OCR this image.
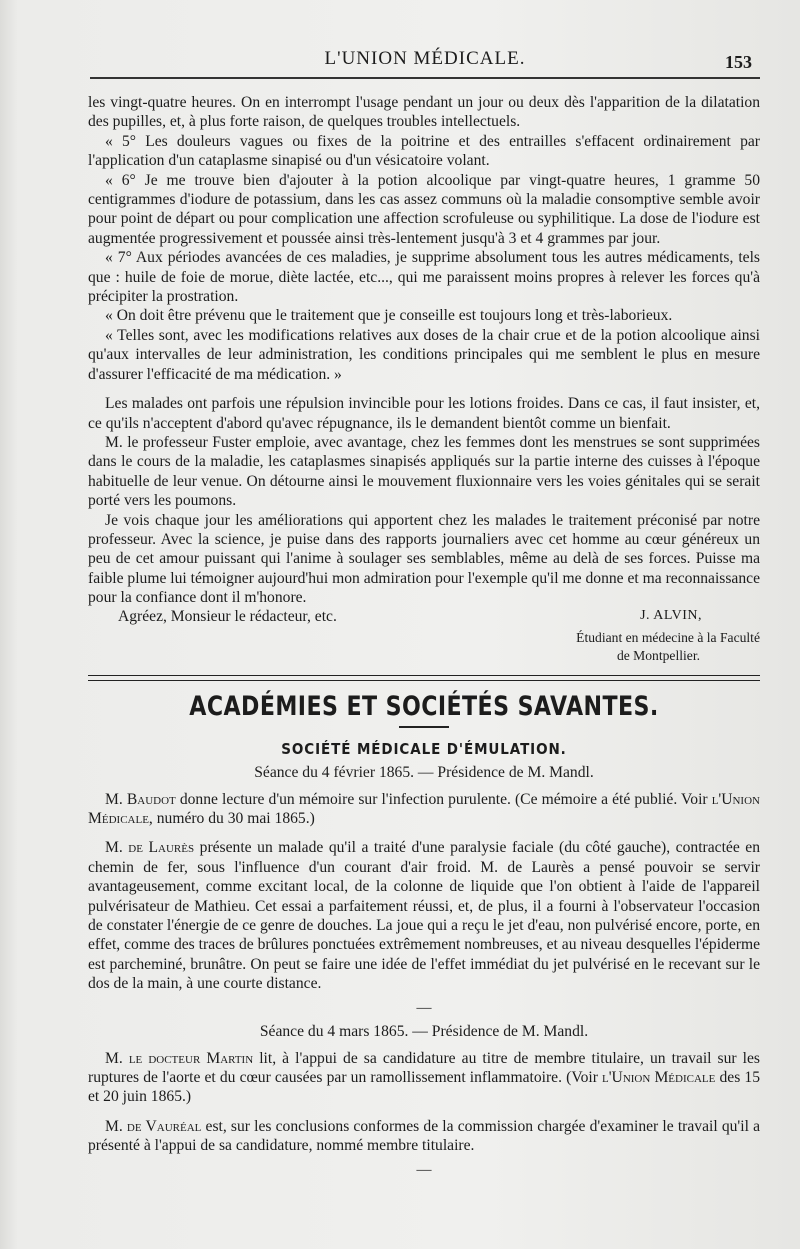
L'UNION MÉDICALE.	153

les vingt-quatre heures. On en interrompt l'usage pendant un jour ou deux dès l'apparition de la dilatation des pupilles, et, à plus forte raison, de quelques troubles intellectuels.

« 5° Les douleurs vagues ou fixes de la poitrine et des entrailles s'effacent ordinairement par l'application d'un cataplasme sinapisé ou d'un vésicatoire volant.

« 6° Je me trouve bien d'ajouter à la potion alcoolique par vingt-quatre heures, 1 gramme 50 centigrammes d'iodure de potassium, dans les cas assez communs où la maladie consomptive semble avoir pour point de départ ou pour complication une affection scrofuleuse ou syphilitique. La dose de l'iodure est augmentée progressivement et poussée ainsi très-lentement jusqu'à 3 et 4 grammes par jour.

« 7° Aux périodes avancées de ces maladies, je supprime absolument tous les autres médicaments, tels que : huile de foie de morue, diète lactée, etc..., qui me paraissent moins propres à relever les forces qu'à précipiter la prostration.

« On doit être prévenu que le traitement que je conseille est toujours long et très-laborieux.

« Telles sont, avec les modifications relatives aux doses de la chair crue et de la potion alcoolique ainsi qu'aux intervalles de leur administration, les conditions principales qui me semblent le plus en mesure d'assurer l'efficacité de ma médication. »

Les malades ont parfois une répulsion invincible pour les lotions froides. Dans ce cas, il faut insister, et, ce qu'ils n'acceptent d'abord qu'avec répugnance, ils le demandent bientôt comme un bienfait.

M. le professeur Fuster emploie, avec avantage, chez les femmes dont les menstrues se sont supprimées dans le cours de la maladie, les cataplasmes sinapisés appliqués sur la partie interne des cuisses à l'époque habituelle de leur venue. On détourne ainsi le mouvement fluxionnaire vers les voies génitales qui se serait porté vers les poumons.

Je vois chaque jour les améliorations qui apportent chez les malades le traitement préconisé par notre professeur. Avec la science, je puise dans des rapports journaliers avec cet homme au cœur généreux un peu de cet amour puissant qui l'anime à soulager ses semblables, même au delà de ses forces. Puisse ma faible plume lui témoigner aujourd'hui mon admiration pour l'exemple qu'il me donne et ma reconnaissance pour la confiance dont il m'honore.

Agréez, Monsieur le rédacteur, etc.	J. ALVIN,
Étudiant en médecine à la Faculté
de Montpellier.
ACADÉMIES ET SOCIÉTÉS SAVANTES.
SOCIÉTÉ MÉDICALE D'ÉMULATION.
Séance du 4 février 1865. — Présidence de M. Mandl.

M. Baudot donne lecture d'un mémoire sur l'infection purulente. (Ce mémoire a été publié. Voir l'Union Médicale, numéro du 30 mai 1865.)

M. de Laurès présente un malade qu'il a traité d'une paralysie faciale (du côté gauche), contractée en chemin de fer, sous l'influence d'un courant d'air froid. M. de Laurès a pensé pouvoir se servir avantageusement, comme excitant local, de la colonne de liquide que l'on obtient à l'aide de l'appareil pulvérisateur de Mathieu. Cet essai a parfaitement réussi, et, de plus, il a fourni à l'observateur l'occasion de constater l'énergie de ce genre de douches. La joue qui a reçu le jet d'eau, non pulvérisé encore, porte, en effet, comme des traces de brûlures ponctuées extrêmement nombreuses, et au niveau desquelles l'épiderme est parcheminé, brunâtre. On peut se faire une idée de l'effet immédiat du jet pulvérisé en le recevant sur le dos de la main, à une courte distance.

—
Séance du 4 mars 1865. — Présidence de M. Mandl.

M. le docteur Martin lit, à l'appui de sa candidature au titre de membre titulaire, un travail sur les ruptures de l'aorte et du cœur causées par un ramollissement inflammatoire. (Voir l'Union Médicale des 15 et 20 juin 1865.)

M. de Vauréal est, sur les conclusions conformes de la commission chargée d'examiner le travail qu'il a présenté à l'appui de sa candidature, nommé membre titulaire.

—
